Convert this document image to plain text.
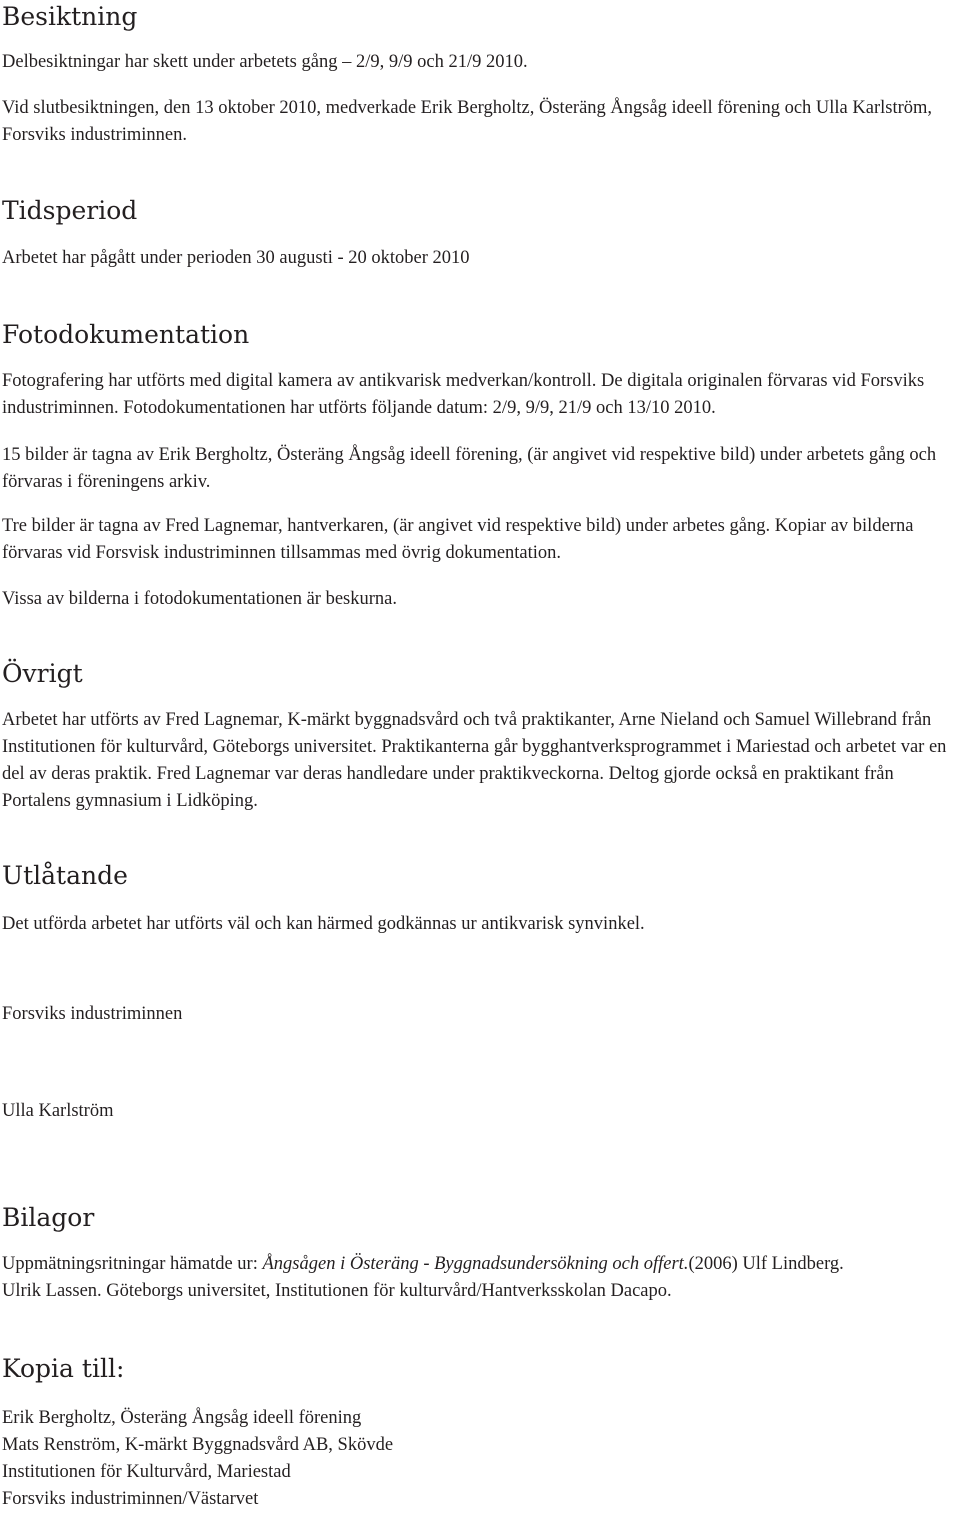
Besiktning

Delbesiktningar har skett under arbetets gång – 2/9, 9/9 och 21/9 2010.

Vid slutbesiktningen, den 13 oktober 2010, medverkade Erik Bergholtz, Österäng Ångsåg ideell förening och Ulla Karlström, Forsviks industriminnen.

Tidsperiod

Arbetet har pågått under perioden 30 augusti - 20 oktober 2010

Fotodokumentation

Fotografering har utförts med digital kamera av antikvarisk medverkan/kontroll. De digitala originalen förvaras vid Forsviks industriminnen. Fotodokumentationen har utförts följande datum: 2/9, 9/9, 21/9 och 13/10 2010.

15 bilder är tagna av Erik Bergholtz, Österäng Ångsåg ideell förening, (är angivet vid respektive bild) under arbetets gång och förvaras i föreningens arkiv.

Tre bilder är tagna av Fred Lagnemar, hantverkaren, (är angivet vid respektive bild) under arbetes gång. Kopiar av bilderna förvaras vid Forsvisk industriminnen tillsammas med övrig dokumentation.

Vissa av bilderna i fotodokumentationen är beskurna.

Övrigt

Arbetet har utförts av Fred Lagnemar, K-märkt byggnadsvård och två praktikanter, Arne Nieland och Samuel Willebrand från Institutionen för kulturvård, Göteborgs universitet. Praktikanterna går bygghantverksprogrammet i Mariestad och arbetet var en del av deras praktik. Fred Lagnemar var deras handledare under praktikveckorna. Deltog gjorde också en praktikant från Portalens gymnasium i Lidköping.

Utlåtande

Det utförda arbetet har utförts väl och kan härmed godkännas ur antikvarisk synvinkel.

Forsviks industriminnen

Ulla Karlström

Bilagor

Uppmätningsritningar hämatde ur: Ångsågen i Österäng - Byggnadsundersökning och offert.(2006) Ulf Lindberg.
Ulrik Lassen. Göteborgs universitet, Institutionen för kulturvård/Hantverksskolan Dacapo.

Kopia till:

Erik Bergholtz, Österäng Ångsåg ideell förening
Mats Renström, K-märkt Byggnadsvård AB, Skövde
Institutionen för Kulturvård, Mariestad
Forsviks industriminnen/Västarvet
